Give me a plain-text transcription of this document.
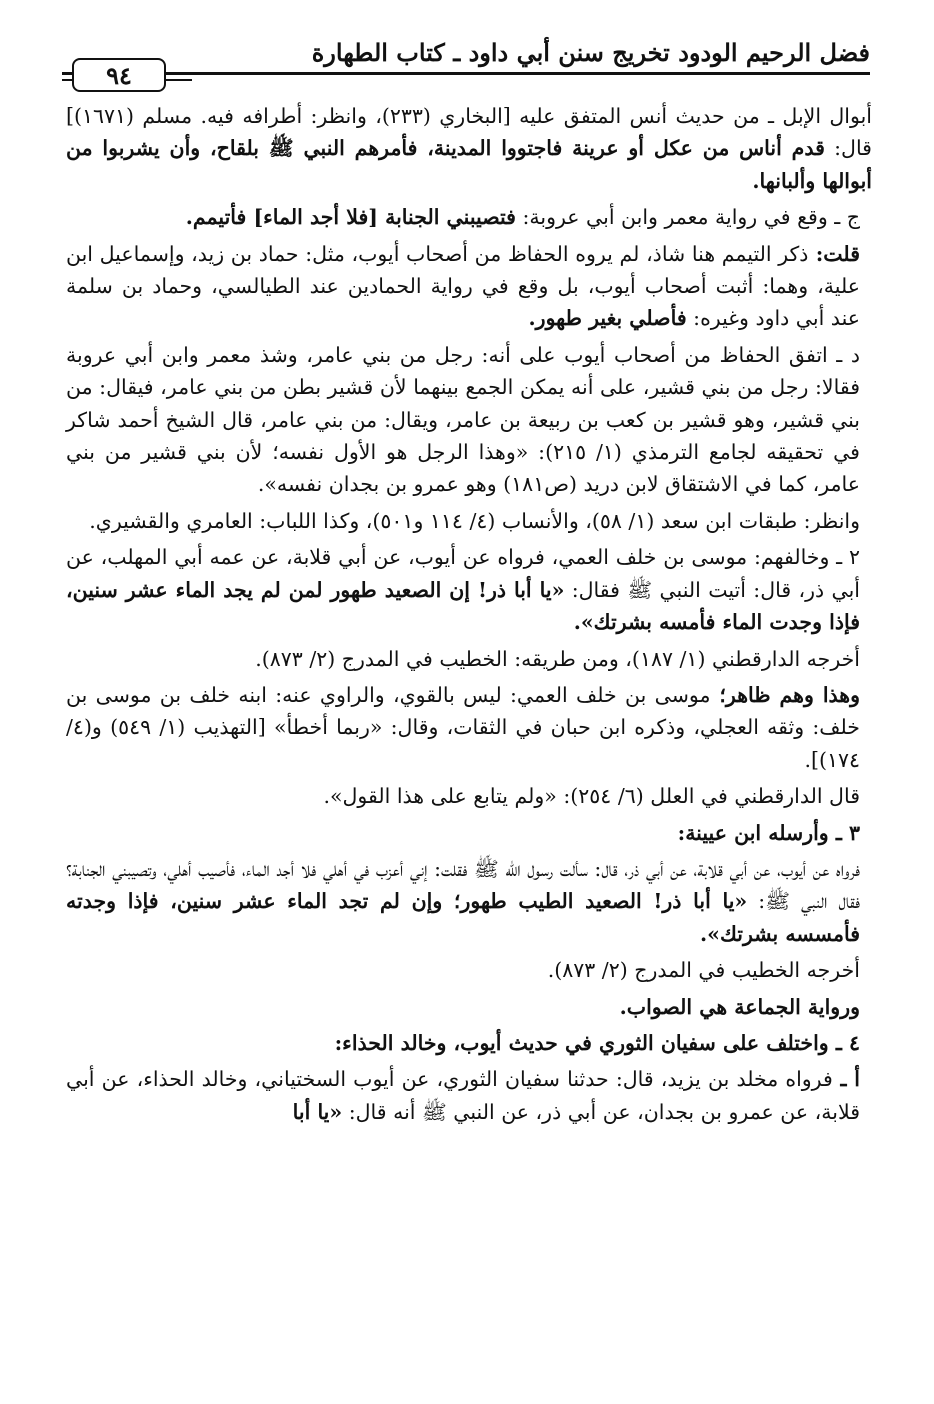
فضل الرحيم الودود تخريج سنن أبي داود ـ كتاب الطهارة
٩٤

أبوال الإبل ـ من حديث أنس المتفق عليه [البخاري (٢٣٣)، وانظر: أطرافه فيه. مسلم (١٦٧١)] قال: قدم أناس من عكل أو عرينة فاجتووا المدينة، فأمرهم النبي ﷺ بلقاح، وأن يشربوا من أبوالها وألبانها.

ج ـ وقع في رواية معمر وابن أبي عروبة: فتصيبني الجنابة [فلا أجد الماء] فأتيمم.

قلت: ذكر التيمم هنا شاذ، لم يروه الحفاظ من أصحاب أيوب، مثل: حماد بن زيد، وإسماعيل ابن علية، وهما: أثبت أصحاب أيوب، بل وقع في رواية الحمادين عند الطيالسي، وحماد بن سلمة عند أبي داود وغيره: فأصلي بغير طهور.

د ـ اتفق الحفاظ من أصحاب أيوب على أنه: رجل من بني عامر، وشذ معمر وابن أبي عروبة فقالا: رجل من بني قشير، على أنه يمكن الجمع بينهما لأن قشير بطن من بني عامر، فيقال: من بني قشير، وهو قشير بن كعب بن ربيعة بن عامر، ويقال: من بني عامر، قال الشيخ أحمد شاكر في تحقيقه لجامع الترمذي (١/ ٢١٥): «وهذا الرجل هو الأول نفسه؛ لأن بني قشير من بني عامر، كما في الاشتقاق لابن دريد (ص١٨١) وهو عمرو بن بجدان نفسه».

وانظر: طبقات ابن سعد (١/ ٥٨)، والأنساب (٤/ ١١٤ و٥٠١)، وكذا اللباب: العامري والقشيري.

٢ ـ وخالفهم: موسى بن خلف العمي، فرواه عن أيوب، عن أبي قلابة، عن عمه أبي المهلب، عن أبي ذر، قال: أتيت النبي ﷺ فقال: «يا أبا ذر! إن الصعيد طهور لمن لم يجد الماء عشر سنين، فإذا وجدت الماء فأمسه بشرتك».

أخرجه الدارقطني (١/ ١٨٧)، ومن طريقه: الخطيب في المدرج (٢/ ٨٧٣).

وهذا وهم ظاهر؛ موسى بن خلف العمي: ليس بالقوي، والراوي عنه: ابنه خلف بن موسى بن خلف: وثقه العجلي، وذكره ابن حبان في الثقات، وقال: «ربما أخطأ» [التهذيب (١/ ٥٤٩) و(٤/ ١٧٤)].

قال الدارقطني في العلل (٦/ ٢٥٤): «ولم يتابع على هذا القول».

٣ ـ وأرسله ابن عيينة:

فرواه عن أيوب، عن أبي قلابة، عن أبي ذر، قال: سألت رسول الله ﷺ فقلت: إني أعزب في أهلي فلا أجد الماء، فأصيب أهلي، وتصيبني الجنابة؟ فقال النبي ﷺ: «يا أبا ذر! الصعيد الطيب طهور؛ وإن لم تجد الماء عشر سنين، فإذا وجدته فأمسسه بشرتك».

أخرجه الخطيب في المدرج (٢/ ٨٧٣).

ورواية الجماعة هي الصواب.

٤ ـ واختلف على سفيان الثوري في حديث أيوب، وخالد الحذاء:

أ ـ فرواه مخلد بن يزيد، قال: حدثنا سفيان الثوري، عن أيوب السختياني، وخالد الحذاء، عن أبي قلابة، عن عمرو بن بجدان، عن أبي ذر، عن النبي ﷺ أنه قال: «يا أبا
